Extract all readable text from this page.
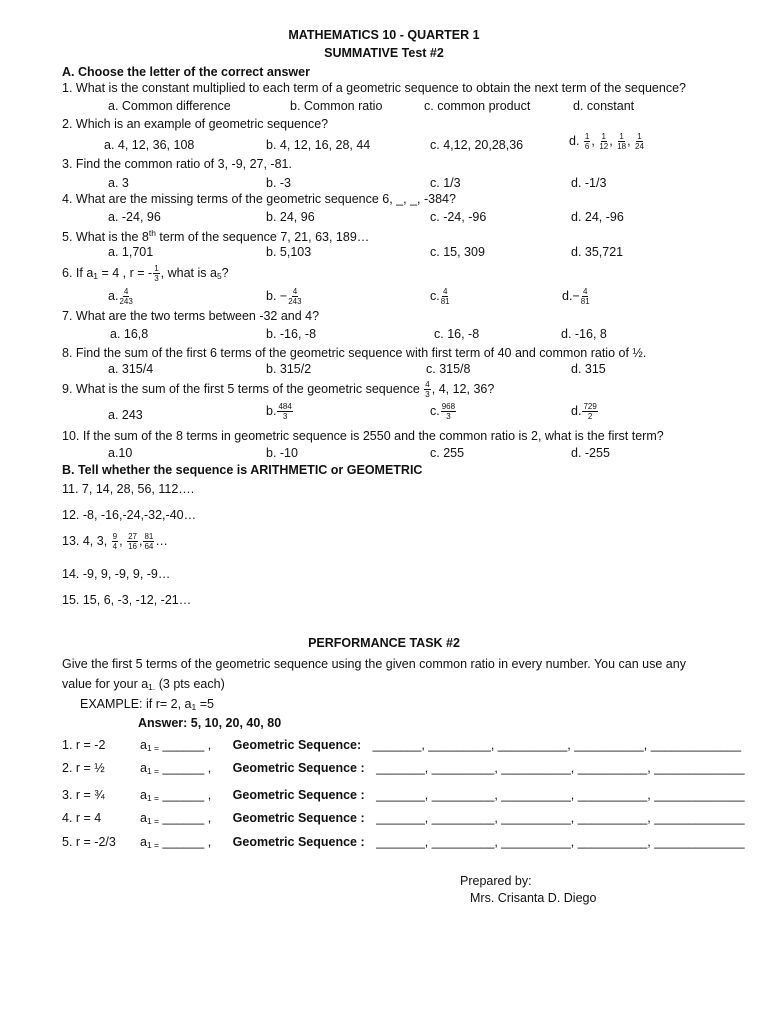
MATHEMATICS 10 - QUARTER 1
SUMMATIVE Test #2
A. Choose the letter of the correct answer
1. What is the constant multiplied to each term of a geometric sequence to obtain the next term of the sequence?
a. Common difference	b. Common ratio	c. common product	d. constant
2. Which is an example of geometric sequence?
a. 4, 12, 36, 108	b. 4, 12, 16, 28, 44	c. 4,12, 20,28,36	d. $\frac{1}{6}$ , $\frac{1}{12}$ , $\frac{1}{18}$ , $\frac{1}{24}$
3. Find the common ratio of 3, -9, 27, -81.
a. 3	b. -3	c. 1/3	d. -1/3
4. What are the missing terms of the geometric sequence 6, _, _, -384?
a. -24, 96	b. 24, 96	c. -24, -96	d. 24, -96
5. What is the 8th term of the sequence 7, 21, 63, 189…
a. 1,701	b. 5,103	c. 15, 309	d. 35,721
6. If $a_1 = 4$ , r = - $\frac{1}{3}$ , what is $a_5$?
a. $\frac{4}{243}$	b. − $\frac{4}{243}$	c. $\frac{4}{81}$	$d.- \frac{4}{81}$
7. What are the two terms between -32 and 4?
a. 16,8	b. -16, -8	c. 16, -8	d. -16, 8
8. Find the sum of the first 6 terms of the geometric sequence with first term of 40 and common ratio of ½.
a. 315/4	b. 315/2	c. 315/8	d. 315
9. What is the sum of the first 5 terms of the geometric sequence $\frac{4}{3}$ , 4, 12, 36?
a. 243	b. $\frac{484}{3}$	c. $\frac{968}{3}$	d. $\frac{729}{2}$
10. If the sum of the 8 terms in geometric sequence is 2550 and the common ratio is 2, what is the first term?
a.10	b. -10	c. 255	d. -255
B. Tell whether the sequence is ARITHMETIC or GEOMETRIC
11. 7, 14, 28, 56, 112….
12. -8, -16,-24,-32,-40…
13. 4, 3, $\frac{9}{4}$ , $\frac{27}{16}$ , $\frac{81}{64}$ …
14. -9, 9, -9, 9, -9…
15. 15, 6, -3, -12, -21…
PERFORMANCE TASK #2
Give the first 5 terms of the geometric sequence using the given common ratio in every number. You can use any
value for your $a_{1.}$ (3 pts each)
EXAMPLE: if r= 2, $a_1 =5$
Answer: 5, 10, 20, 40, 80
1. r = -2	a1 = ______ , Geometric Sequence: _______, _________, __________, __________, _____________
2. r = ½	a1 = ______ , Geometric Sequence : _______, _________, __________, __________, _____________
3. r = ¾	a1 = ______ , Geometric Sequence : _______, _________, __________, __________, _____________
4. r = 4	a1 = ______ , Geometric Sequence : _______, _________, __________, __________, _____________
5. r = -2/3 a1 = ______ , Geometric Sequence : _______, _________, __________, __________, _____________
Prepared by:
Mrs. Crisanta D. Diego
